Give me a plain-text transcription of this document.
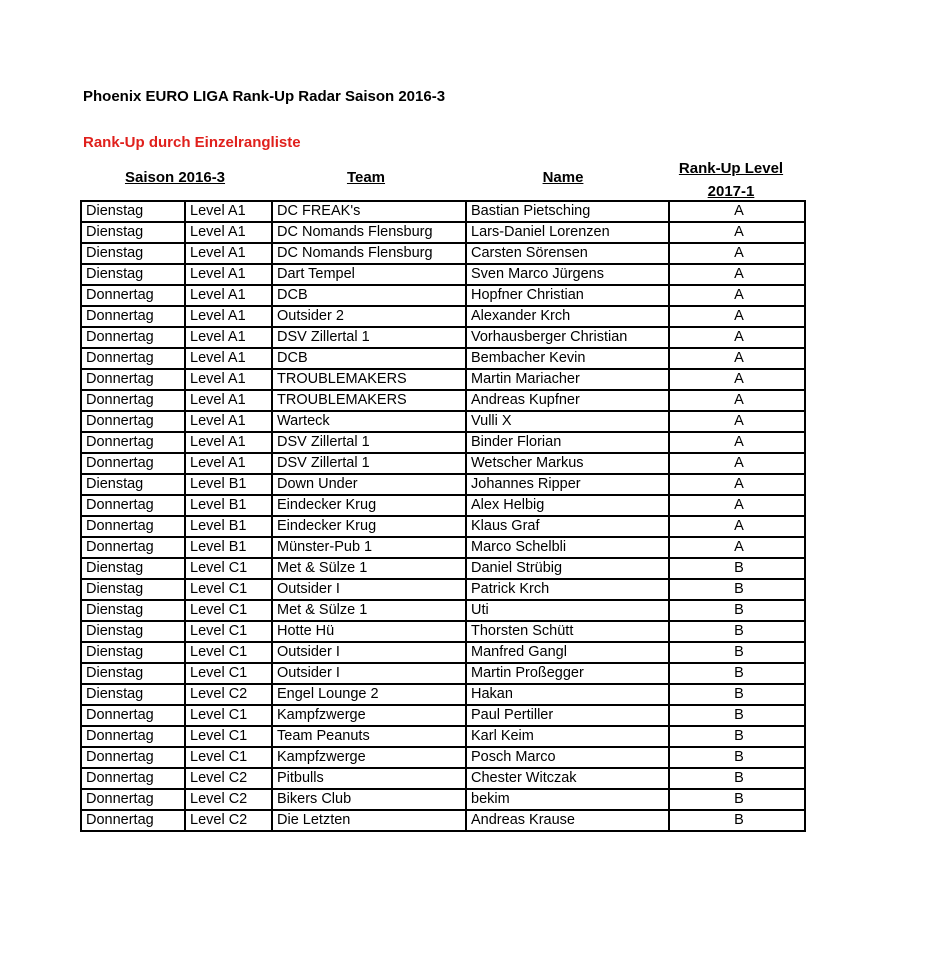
Phoenix EURO LIGA Rank-Up Radar Saison 2016-3
Rank-Up durch Einzelrangliste
Saison 2016-3	Team	Name
Rank-Up Level
2017-1
Dienstag	Level A1	DC FREAK's	Bastian Pietsching	A
Dienstag	Level A1	DC Nomands Flensburg	Lars-Daniel Lorenzen	A
Dienstag	Level A1	DC Nomands Flensburg	Carsten Sörensen	A
Dienstag	Level A1	Dart Tempel	Sven Marco Jürgens	A
Donnertag	Level A1	DCB	Hopfner Christian	A
Donnertag	Level A1	Outsider 2	Alexander Krch	A
Donnertag	Level A1	DSV Zillertal 1	Vorhausberger Christian	A
Donnertag	Level A1	DCB	Bembacher Kevin	A
Donnertag	Level A1	TROUBLEMAKERS	Martin Mariacher	A
Donnertag	Level A1	TROUBLEMAKERS	Andreas Kupfner	A
Donnertag	Level A1	Warteck	Vulli X	A
Donnertag	Level A1	DSV Zillertal 1	Binder Florian	A
Donnertag	Level A1	DSV Zillertal 1	Wetscher Markus	A
Dienstag	Level B1	Down Under	Johannes Ripper	A
Donnertag	Level B1	Eindecker Krug	Alex Helbig	A
Donnertag	Level B1	Eindecker Krug	Klaus Graf	A
Donnertag	Level B1	Münster-Pub 1	Marco Schelbli	A
Dienstag	Level C1	Met & Sülze 1	Daniel Strübig	B
Dienstag	Level C1	Outsider I	Patrick Krch	B
Dienstag	Level C1	Met & Sülze 1	Uti	B
Dienstag	Level C1	Hotte Hü	Thorsten Schütt	B
Dienstag	Level C1	Outsider I	Manfred Gangl	B
Dienstag	Level C1	Outsider I	Martin Proßegger	B
Dienstag	Level C2	Engel Lounge 2	Hakan	B
Donnertag	Level C1	Kampfzwerge	Paul Pertiller	B
Donnertag	Level C1	Team Peanuts	Karl Keim	B
Donnertag	Level C1	Kampfzwerge	Posch Marco	B
Donnertag	Level C2	Pitbulls	Chester Witczak	B
Donnertag	Level C2	Bikers Club	bekim	B
Donnertag	Level C2	Die Letzten	Andreas Krause	B
